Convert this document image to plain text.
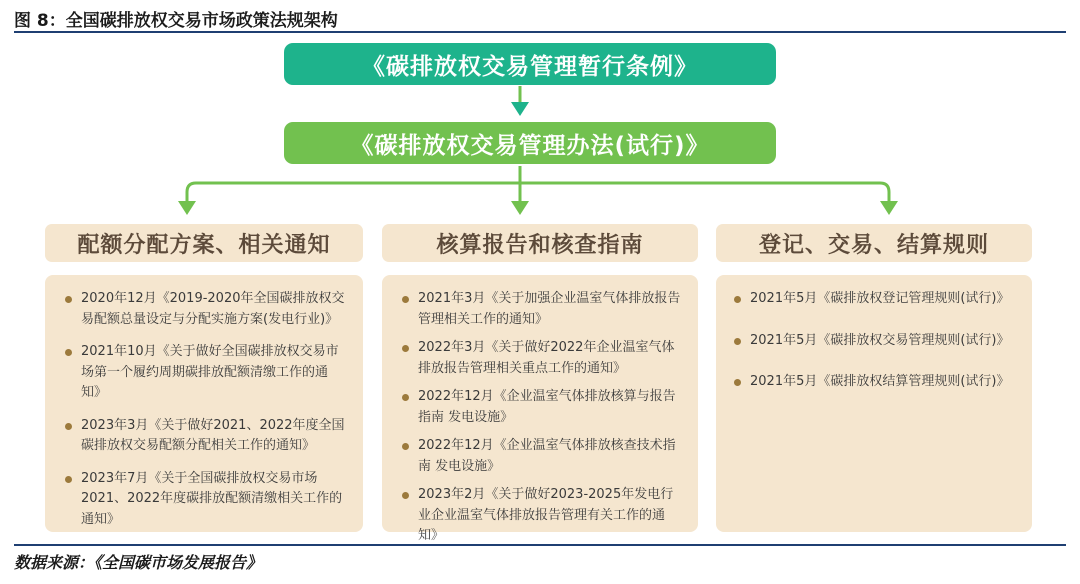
图 8：全国碳排放权交易市场政策法规架构
《碳排放权交易管理暂行条例》
《碳排放权交易管理办法(试行)》
配额分配方案、相关通知
2020年12月《2019-2020年全国碳排放权交易配额总量设定与分配实施方案(发电行业)》
2021年10月《关于做好全国碳排放权交易市场第一个履约周期碳排放配额清缴工作的通知》
2023年3月《关于做好2021、2022年度全国碳排放权交易配额分配相关工作的通知》
2023年7月《关于全国碳排放权交易市场2021、2022年度碳排放配额清缴相关工作的通知》
核算报告和核查指南
2021年3月《关于加强企业温室气体排放报告管理相关工作的通知》
2022年3月《关于做好2022年企业温室气体排放报告管理相关重点工作的通知》
2022年12月《企业温室气体排放核算与报告指南 发电设施》
2022年12月《企业温室气体排放核查技术指南 发电设施》
2023年2月《关于做好2023-2025年发电行业企业温室气体排放报告管理有关工作的通知》
登记、交易、结算规则
2021年5月《碳排放权登记管理规则(试行)》
2021年5月《碳排放权交易管理规则(试行)》
2021年5月《碳排放权结算管理规则(试行)》
数据来源：《全国碳市场发展报告》
